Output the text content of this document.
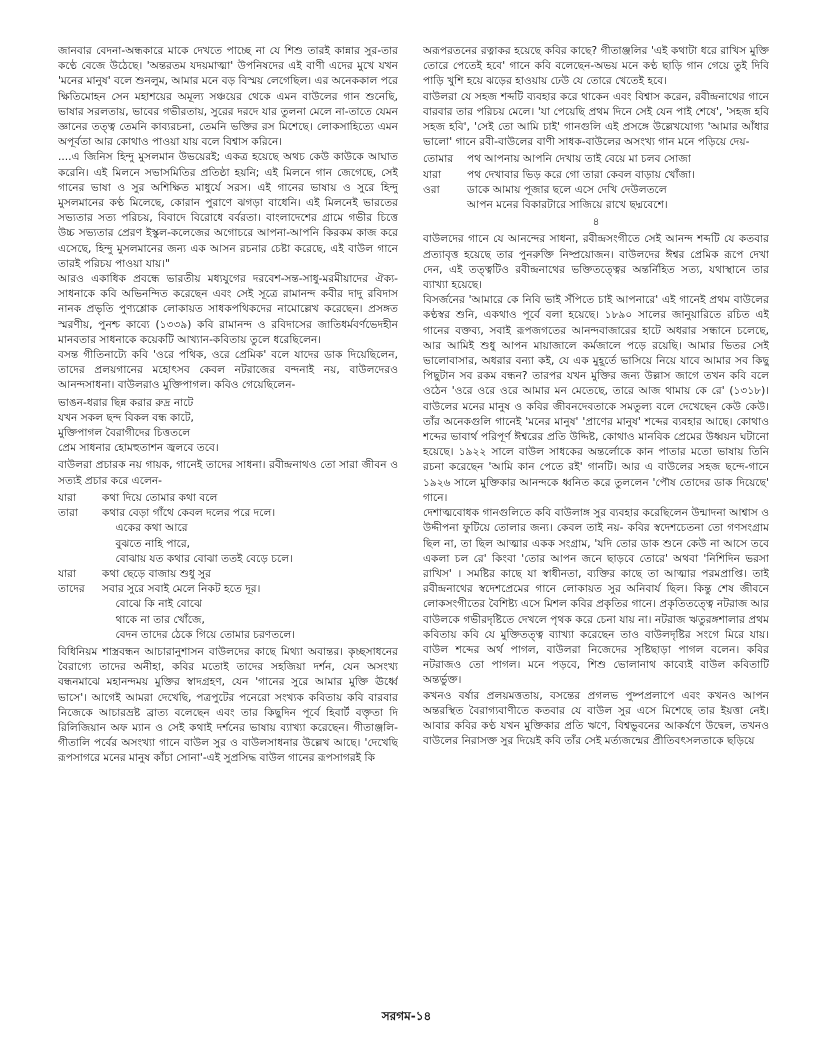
জানবার বেদনা-অন্ধকারে মাকে দেখতে পাচ্ছে না যে শিশু তারই কান্নার সুর-তার কণ্ঠে বেজে উঠেছে। 'অন্তরতম যদয়মাত্মা' উপনিষদের এই বাণী এদের মুখে যখন 'মনের মানুষ' বলে শুনলুম, আমার মনে বড় বিস্ময় লেগেছিল। এর অনেককাল পরে ক্ষিতিমোহন সেন মহাশয়ের অমূল্য সঞ্চয়ের থেকে এমন বাউলের গান শুনেছি, ভাষার সরলতায়, ভাবের গভীরতায়, সুরের দরদে যার তুলনা মেলে না-তাতে যেমন জ্ঞানের তত্ত্ব তেমনি কাব্যরচনা, তেমনি ভক্তির রস মিশেছে। লোকসাহিত্যে এমন অপূর্বতা আর কোথাও পাওয়া যায় বলে বিশ্বাস করিনে।

....এ জিনিস হিন্দু মুসলমান উভয়েরই; একত্র হয়েছে অথচ কেউ কাউকে আঘাত করেনি। এই মিলনে সভাসমিতির প্রতিষ্ঠা হয়নি; এই মিলনে গান জেগেছে, সেই গানের ভাষা ও সুর অশিক্ষিত মাধুর্যে সরস। এই গানের ভাষায় ও সুরে হিন্দু মুসলমানের কণ্ঠ মিলেছে, কোরান পুরাণে ঝগড়া বাধেনি। এই মিলনেই ভারতের সভ্যতার সত্য পরিচয়, বিবাদে বিরোধে বর্বরতা। বাংলাদেশের গ্রামে গভীর চিত্তে উচ্চ সভ্যতার প্রেরণ ইস্কুল-কলেজের অগোচরে আপনা-আপনি কিরকম কাজ করে এসেছে, হিন্দু মুসলমানের জন্য এক আসন রচনার চেষ্টা করেছে, এই বাউল গানে তারই পরিচয় পাওয়া যায়।"

আরও একাধিক প্রবন্ধে ভারতীয় মধ্যযুগের দরবেশ-সন্ত-সাধু-মরমীয়াদের ঐক্য-সাধনাকে কবি অভিনন্দিত করেছেন এবং সেই সূত্রে রামানন্দ কবীর দাদু রবিদাস নানক প্রভৃতি পুণ্যশ্লোক লোকায়ত সাধকপথিকদের নামোল্লেখ করেছেন। প্রসঙ্গত স্মরণীয়, পুনশ্চ কাব্যে (১৩৩৯) কবি রামানন্দ ও রবিদাসের জাতিধর্মবর্ণভেদহীন মানবতার সাধনাকে কয়েকটি আখ্যান-কবিতায় তুলে ধরেছিলেন।

বসন্ত গীতিনাট্যে কবি 'ওরে পথিক, ওরে প্রেমিক' বলে যাদের ডাক দিয়েছিলেন, তাদের প্রলয়গানের মহোৎসব কেবল নটরাজের বন্দনাই নয়, বাউলদেরও আনন্দসাধনা। বাউলরাও মুক্তিপাগল। কবিও গেয়েছিলেন-

ভাঙন-ধরার ছিন্ন করার রুদ্র নাটে
যখন সকল ছন্দ বিকল বন্ধ কাটে,
মুক্তিপাগল বৈরাগীদের চিত্ততলে
প্রেম সাধনার হোমহুতাশন জ্বলবে তবে।

বাউলরা প্রচারক নয় গায়ক, গানেই তাদের সাধনা। রবীন্দ্রনাথও তো সারা জীবন ও সত্যই প্রচার করে এলেন-

যারা	কথা দিয়ে তোমার কথা বলে
তারা	কথার বেড়া গাঁথে কেবল দলের পরে দলে।
একের কথা আরে
বুঝতে নাহি পারে,
বোঝায় যত কথার বোঝা ততই বেড়ে চলে।
যারা	কথা ছেড়ে বাজায় শুধু সুর
তাদের	সবার সুরে সবাই মেলে নিকট হতে দূর।
বোঝে কি নাই বোঝে
থাকে না তার খোঁজে,
বেদন তাদের ঠেকে গিয়ে তোমার চরণতলে।

বিধিনিয়ম শাস্ত্রবন্ধন আচারানুশাসন বাউলদের কাছে মিথ্যা অবান্তর। কৃচ্ছসাধনের বৈরাগ্যে তাদের অনীহা, কবির মতোই তাদের সহজিয়া দর্শন, যেন অসংখ্য বন্ধনমাঝে মহানন্দময় মুক্তির স্বাদগ্রহণ, যেন 'গানের সুরে আমার মুক্তি ঊর্ধ্বে ভাসে'। আগেই আমরা দেখেছি, পত্রপুটের পনেরো সংখ্যক কবিতায় কবি বারবার নিজেকে আচারভ্রষ্ট ব্রাত্য বলেছেন এবং তার কিছুদিন পূর্বে হিবার্ট বক্তৃতা দি রিলিজিয়ান অফ ম্যান ও সেই কথাই দর্শনের ভাষায় ব্যাখ্যা করেছেন। গীতাঞ্জলি-গীতালি পর্বের অসংখ্যা গানে বাউল সুর ও বাউলসাধনার উল্লেখ আছে। 'দেখেছি রূপসাগরে মনের মানুষ কাঁচা সোনা'-এই সুপ্রসিদ্ধ বাউল গানের রূপসাগরই কি

অরূপরতনের রত্নাকর হয়েছে কবির কাছে? গীতাঞ্জলির 'এই কথাটা ধরে রাখিস মুক্তি তোরে পেতেই হবে' গানে কবি বলেছেন-অভয় মনে কণ্ঠ ছাড়ি গান গেয়ে তুই দিবি পাড়ি খুশি হয়ে ঝড়ের হাওয়ায় ঢেউ যে তোরে খেতেই হবে।

বাউলরা যে সহজ শব্দটি ব্যবহার করে থাকেন এবং বিশ্বাস করেন, রবীন্দ্রনাথের গানে বারবার তার পরিচয় মেলে। 'যা পেয়েছি প্রথম দিনে সেই যেন পাই শেষে', 'সহজ হবি সহজ হবি', 'সেই তো আমি চাই' গানগুলি এই প্রসঙ্গে উল্লেখযোগ্য 'আমার আঁধার ভালো' গানে রবী-বাউলের বাণী সাধক-বাউলের অসংখ্য গান মনে পড়িয়ে দেয়-

তোমার	পথ আপনায় আপনি দেখায় তাই বেয়ে মা চলব সোজা
যারা	পথ দেখাবার ভিড় করে গো তারা কেবল বাড়ায় খোঁজা।
ওরা	ডাকে আমায় পূজার ছলে এসে দেখি দেউলতলে
আপন মনের বিকারটারে সাজিয়ে রাখে ছদ্মবেশে।
৪

বাউলদের গানে যে আনন্দের সাধনা, রবীন্দ্রসংগীতে সেই আনন্দ শব্দটি যে কতবার প্রত্যাবৃত্ত হয়েছে তার পুনরুক্তি নিষ্প্রয়োজন। বাউলদের ঈশ্বর প্রেমিক রূপে দেখা দেন, এই তত্ত্বটিও রবীন্দ্রনাথের ভক্তিতত্ত্বের অন্তর্নিহিত সত্য, যথাস্থানে তার ব্যাখ্যা হয়েছে।

বিসর্জনের 'আমারে কে নিবি ভাই সঁপিতে চাই আপনারে' এই গানেই প্রথম বাউলের কণ্ঠস্বর শুনি, একথাও পূর্বে বলা হয়েছে। ১৮৯০ সালের জানুয়ারিতে রচিত এই গানের বক্তব্য, সবাই রূপজগতের আনন্দবাজারের হাটে অধরার সন্ধানে চলেছে, আর আমিই শুধু আপন মায়াজালে কর্মজালে পড়ে রয়েছি। আমার ভিতর সেই ভালোবাসার, অধরার বন্যা কই, যে এক মুহূর্তে ভাসিয়ে নিয়ে যাবে আমার সব কিছু পিছুটান সব রকম বন্ধন? তারপর যখন মুক্তির জন্য উল্লাস জাগে তখন কবি বলে ওঠেন 'ওরে ওরে ওরে আমার মন মেতেছে, তারে আজ থামায় কে রে' (১৩১৮)। বাউলের মনের মানুষ ও কবির জীবনদেবতাকে সমতুল্য বলে দেখেছেন কেউ কেউ। তাঁর অনেকগুলি গানেই 'মনের মানুষ' 'প্রাণের মানুষ' শব্দের ব্যবহার আছে। কোথাও শব্দের ভাবার্থ পরিপূর্ণ ঈশ্বরের প্রতি উদ্দিষ্ট, কোথাও মানবিক প্রেমের উধ্বয়ন ঘটানো হয়েছে। ১৯২২ সালে বাউল সাধকের অন্তর্লোকে কান পাতার মতো ভাষায় তিনি রচনা করেছেন 'আমি কান পেতে রই' গানটি। আর এ বাউলের সহজ ছন্দে-গানে ১৯২৬ সালে মুক্তিকার আনন্দকে ধ্বনিত করে তুললেন 'পৌষ তোদের ডাক দিয়েছে' গানে।

দেশাত্মবোধক গানগুলিতে কবি বাউলাঙ্গ সুর ব্যবহার করেছিলেন উন্মাদনা আশ্বাস ও উদ্দীপনা ফুটিয়ে তোলার জন্য। কেবল তাই নয়- কবির স্বদেশচেতনা তো গণসংগ্রাম ছিল না, তা ছিল আত্মার একক সংগ্রাম, 'যদি তোর ডাক শুনে কেউ না আসে তবে একলা চল রে' কিংবা 'তোর আপন জনে ছাড়বে তোরে' অথবা 'নিশিদিন ভরসা রাখিস' । সমষ্টির কাছে যা স্বাধীনতা, ব্যক্তির কাছে তা আত্মার পরমপ্রাপ্তি। তাই রবীন্দ্রনাথের স্বদেশপ্রেমের গানে লোকায়ত সুর অনিবার্য ছিল। কিন্তু শেষ জীবনে লোকসংগীতের বৈশিষ্ট্য এসে মিশল কবির প্রকৃতির গানে। প্রকৃতিতত্ত্বে নটরাজ আর বাউলকে গভীরদৃষ্টিতে দেখলে পৃথক করে চেনা যায় না। নটরাজ ঋতুরঙ্গশালার প্রথম কবিতায় কবি যে মুক্তিতত্ত্ব ব্যাখ্যা করেছেন তাও বাউলদৃষ্টির সংগে মিরে যায়। বাউল শব্দের অর্থ পাগল, বাউলরা নিজেদের সৃষ্টিছাড়া পাগল বলেন। কবির নটরাজও তো পাগল। মনে পড়বে, শিশু ভোলানাথ কাব্যেই বাউল কবিতাটি অন্তর্ভুক্ত।

কখনও বর্ষার প্রলয়মত্ততায়, বসন্তের প্রগলভ পুষ্পপ্রলাপে এবং কখনও আপন অন্তরস্থিত বৈরাগ্যবাণীতে কতবার যে বাউল সুর এসে মিশেছে তার ইয়ত্তা নেই। আবার কবির কণ্ঠ যখন মুক্তিকার প্রতি ঋণে, বিশ্বভুবনের আকর্ষণে উদ্বেল, তখনও বাউলের নিরাসক্ত সুর দিয়েই কবি তাঁর সেই মর্ত্যজন্মের প্রীতিবৎসলতাকে ছড়িয়ে

সরগম-১৪
